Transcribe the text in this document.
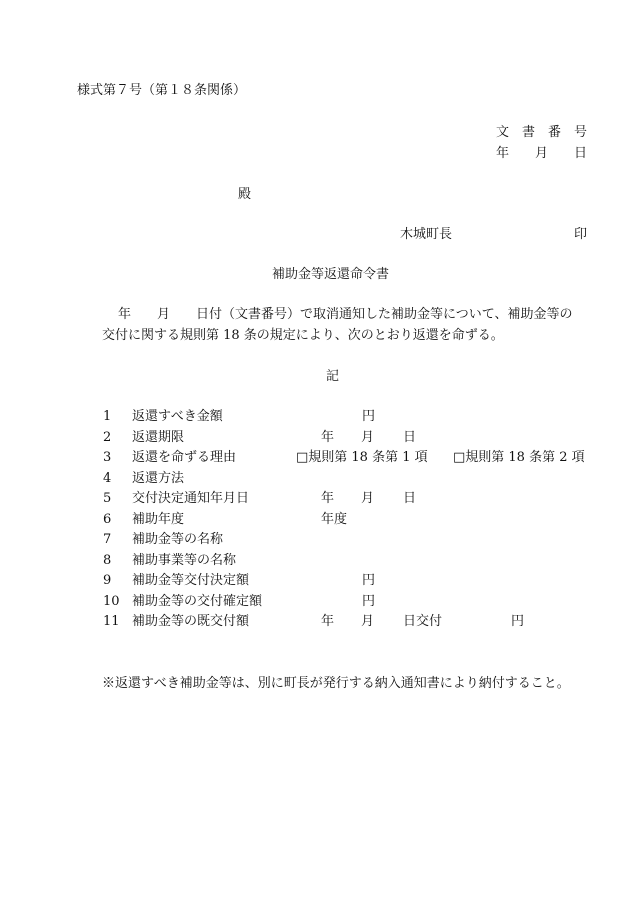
様式第７号（第１８条関係）
文　書　番　号
年　　月　　日
殿
木城町長	印
補助金等返還命令書
年　　月　　日付（文書番号）で取消通知した補助金等について、補助金等の
交付に関する規則第 18 条の規定により、次のとおり返還を命ずる。
記
1
2
3
4
5
6
7
8
9
10
11
返還すべき金額
返還期限
返還を命ずる理由
返還方法
交付決定通知年月日
補助年度
補助金等の名称
補助事業等の名称
補助金等交付決定額
補助金等の交付確定額
補助金等の既交付額
円
年 月 日
□規則第 18 条第 1 項 □規則第 18 条第 2 項
年 月 日
年度
円
円
年 月 日交付	円
※返還すべき補助金等は、別に町長が発行する納入通知書により納付すること。
